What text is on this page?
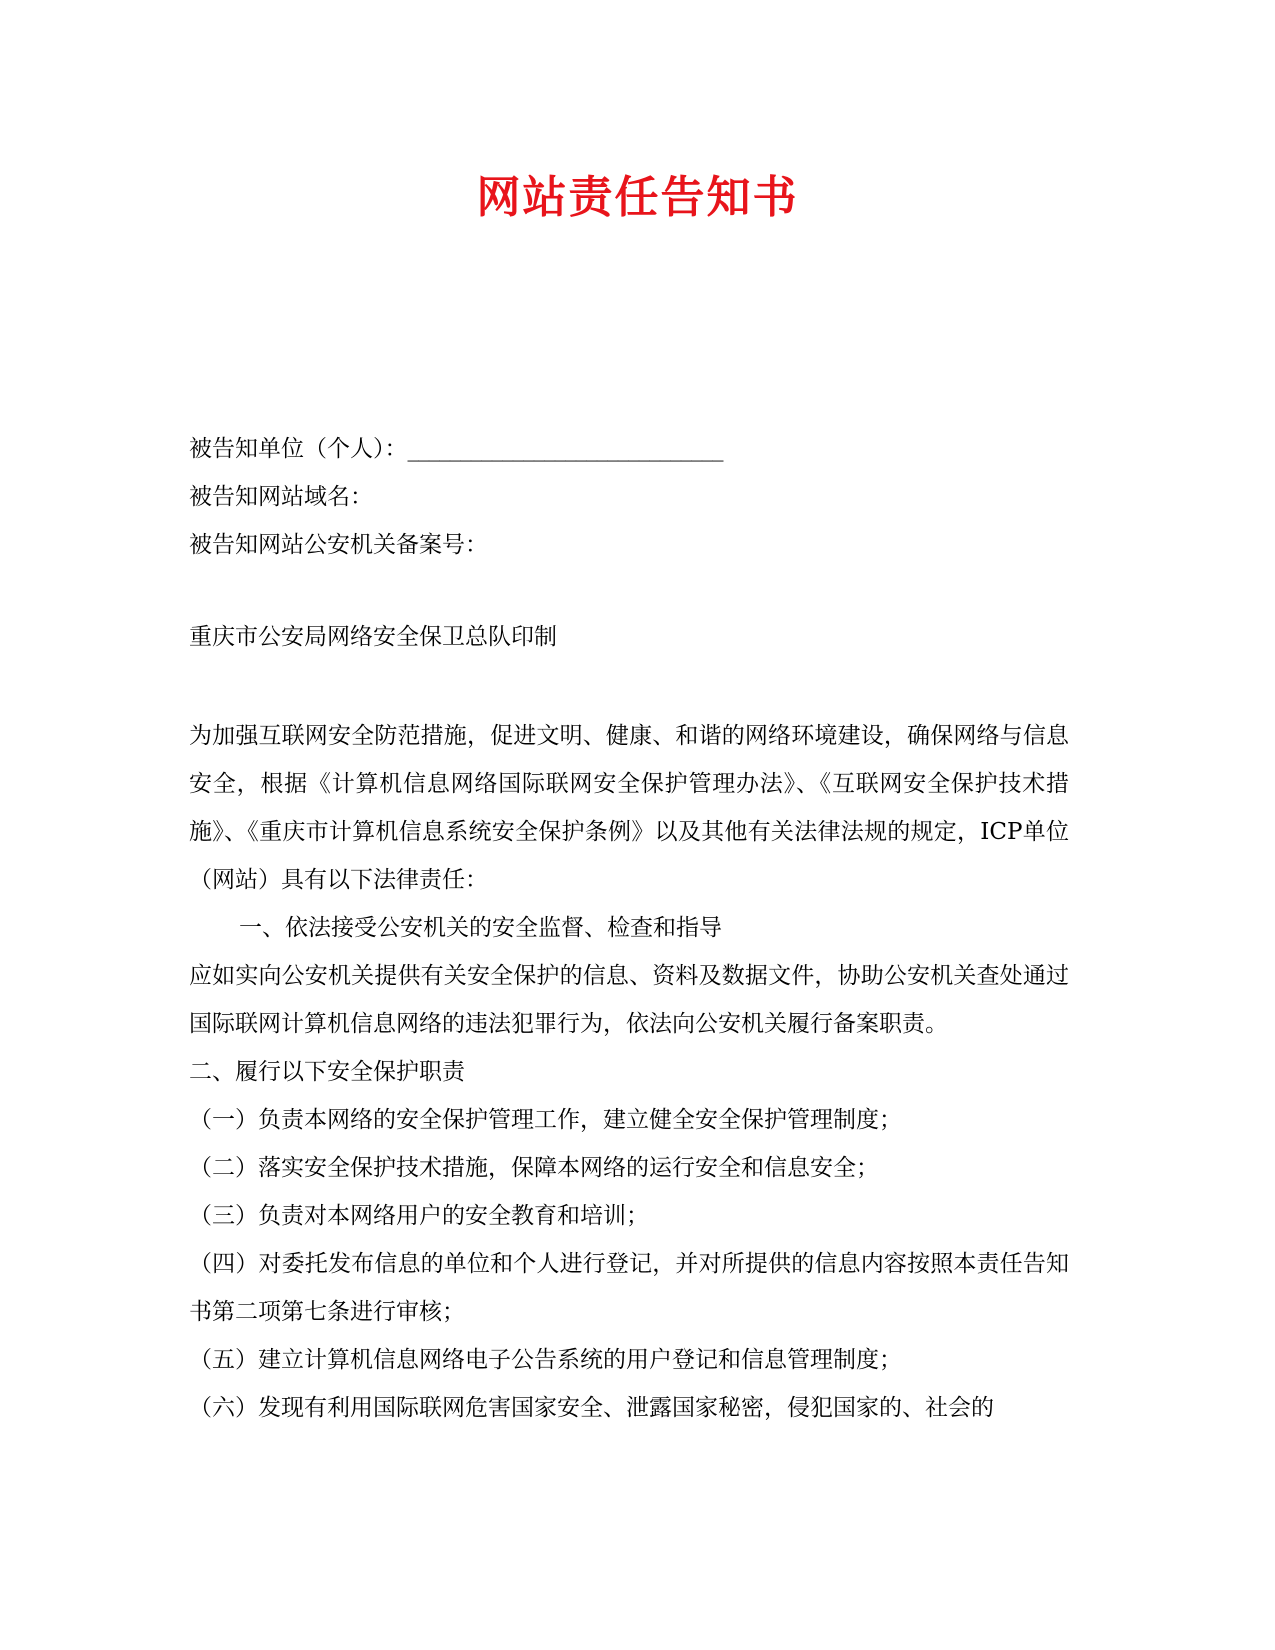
网站责任告知书

被告知单位（个人）：______________________________

被告知网站域名：

被告知网站公安机关备案号：

重庆市公安局网络安全保卫总队印制

为加强互联网安全防范措施，促进文明、健康、和谐的网络环境建设，确保网络与信息安全，根据《计算机信息网络国际联网安全保护管理办法》、《互联网安全保护技术措施》、《重庆市计算机信息系统安全保护条例》以及其他有关法律法规的规定，ICP单位（网站）具有以下法律责任：

一、依法接受公安机关的安全监督、检查和指导

应如实向公安机关提供有关安全保护的信息、资料及数据文件，协助公安机关查处通过国际联网计算机信息网络的违法犯罪行为，依法向公安机关履行备案职责。

二、履行以下安全保护职责

（一）负责本网络的安全保护管理工作，建立健全安全保护管理制度；

（二）落实安全保护技术措施，保障本网络的运行安全和信息安全；

（三）负责对本网络用户的安全教育和培训；

（四）对委托发布信息的单位和个人进行登记，并对所提供的信息内容按照本责任告知书第二项第七条进行审核；

（五）建立计算机信息网络电子公告系统的用户登记和信息管理制度；

（六）发现有利用国际联网危害国家安全、泄露国家秘密，侵犯国家的、社会的
